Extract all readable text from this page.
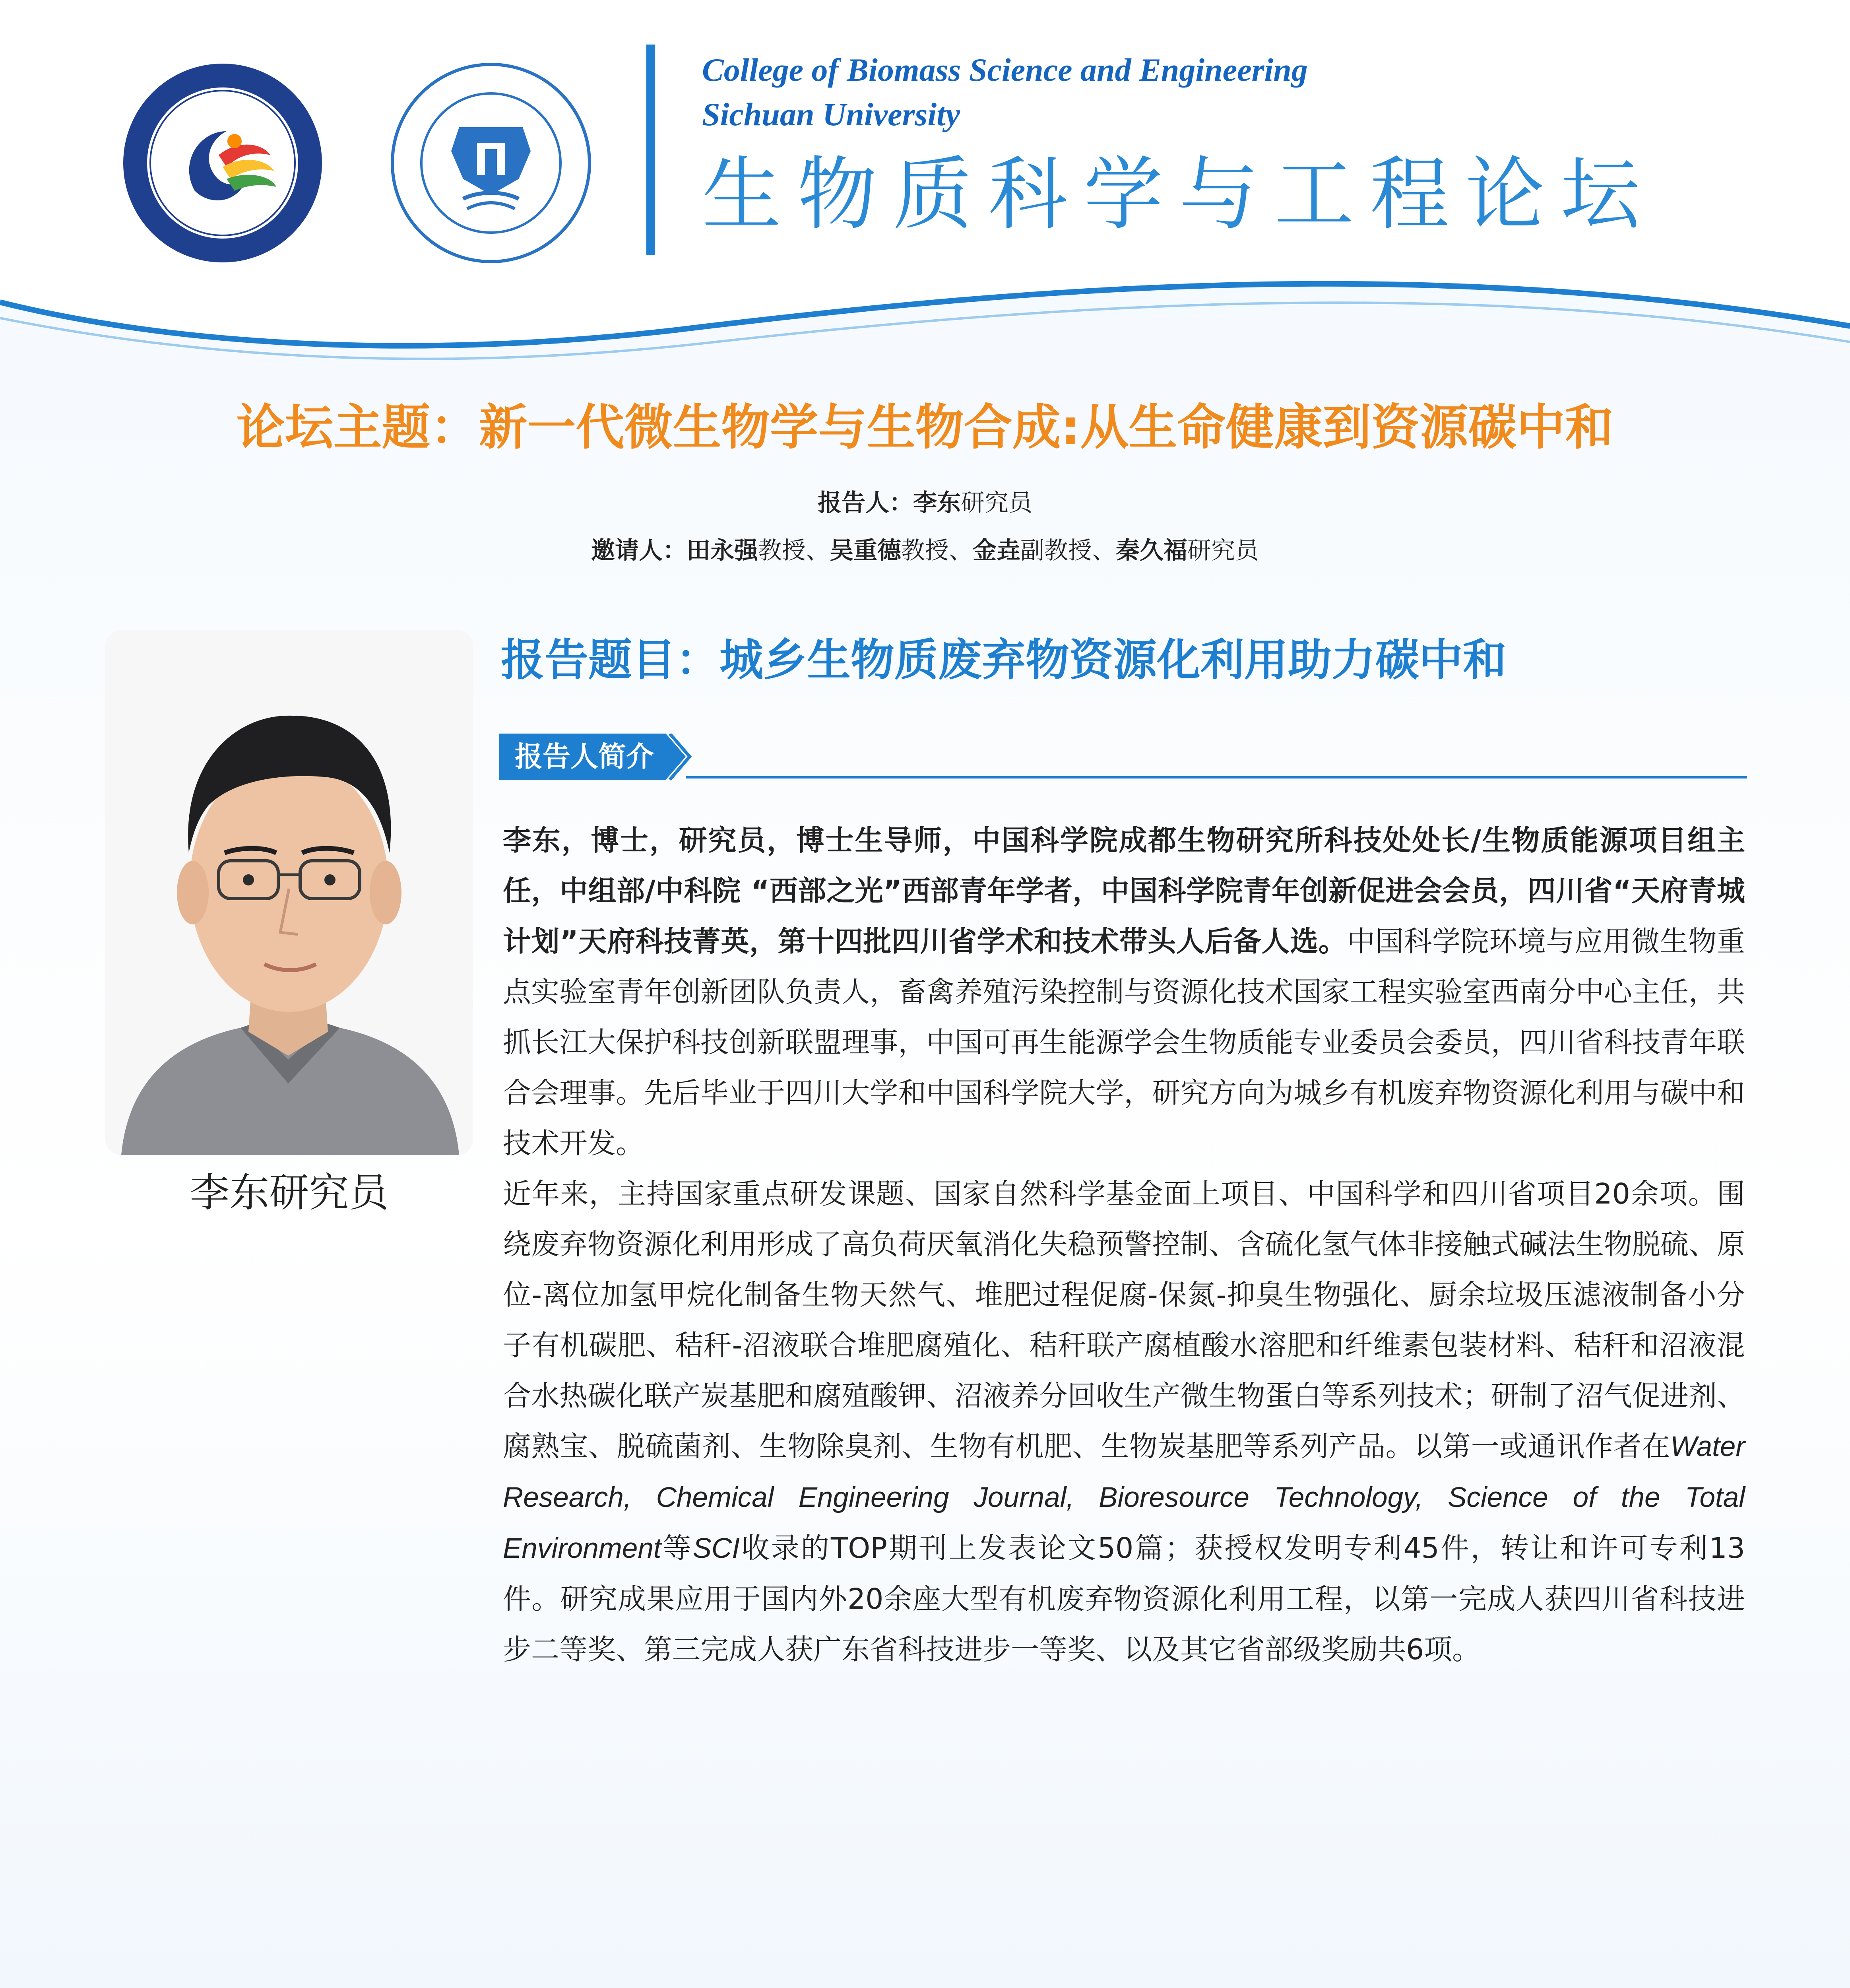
College of Biomass Science and Engineering
Sichuan University
生物质科学与工程论坛
论坛主题：新一代微生物学与生物合成:从生命健康到资源碳中和
报告人：李东研究员
邀请人：田永强教授、吴重德教授、金垚副教授、秦久福研究员
李东研究员
报告题目：城乡生物质废弃物资源化利用助力碳中和
报告人简介

李东，博士，研究员，博士生导师，中国科学院成都生物研究所科技处处长/生物质能源项目组主任，中组部/中科院 “西部之光”西部青年学者，中国科学院青年创新促进会会员，四川省“天府青城计划”天府科技菁英，第十四批四川省学术和技术带头人后备人选。中国科学院环境与应用微生物重点实验室青年创新团队负责人，畜禽养殖污染控制与资源化技术国家工程实验室西南分中心主任，共抓长江大保护科技创新联盟理事，中国可再生能源学会生物质能专业委员会委员，四川省科技青年联合会理事。先后毕业于四川大学和中国科学院大学，研究方向为城乡有机废弃物资源化利用与碳中和技术开发。

近年来，主持国家重点研发课题、国家自然科学基金面上项目、中国科学和四川省项目20余项。围绕废弃物资源化利用形成了高负荷厌氧消化失稳预警控制、含硫化氢气体非接触式碱法生物脱硫、原位-离位加氢甲烷化制备生物天然气、堆肥过程促腐-保氮-抑臭生物强化、厨余垃圾压滤液制备小分子有机碳肥、秸秆-沼液联合堆肥腐殖化、秸秆联产腐植酸水溶肥和纤维素包装材料、秸秆和沼液混合水热碳化联产炭基肥和腐殖酸钾、沼液养分回收生产微生物蛋白等系列技术；研制了沼气促进剂、腐熟宝、脱硫菌剂、生物除臭剂、生物有机肥、生物炭基肥等系列产品。以第一或通讯作者在Water Research, Chemical Engineering Journal, Bioresource Technology, Science of the Total Environment等SCI收录的TOP期刊上发表论文50篇；获授权发明专利45件，转让和许可专利13件。研究成果应用于国内外20余座大型有机废弃物资源化利用工程，以第一完成人获四川省科技进步二等奖、第三完成人获广东省科技进步一等奖、以及其它省部级奖励共6项。
